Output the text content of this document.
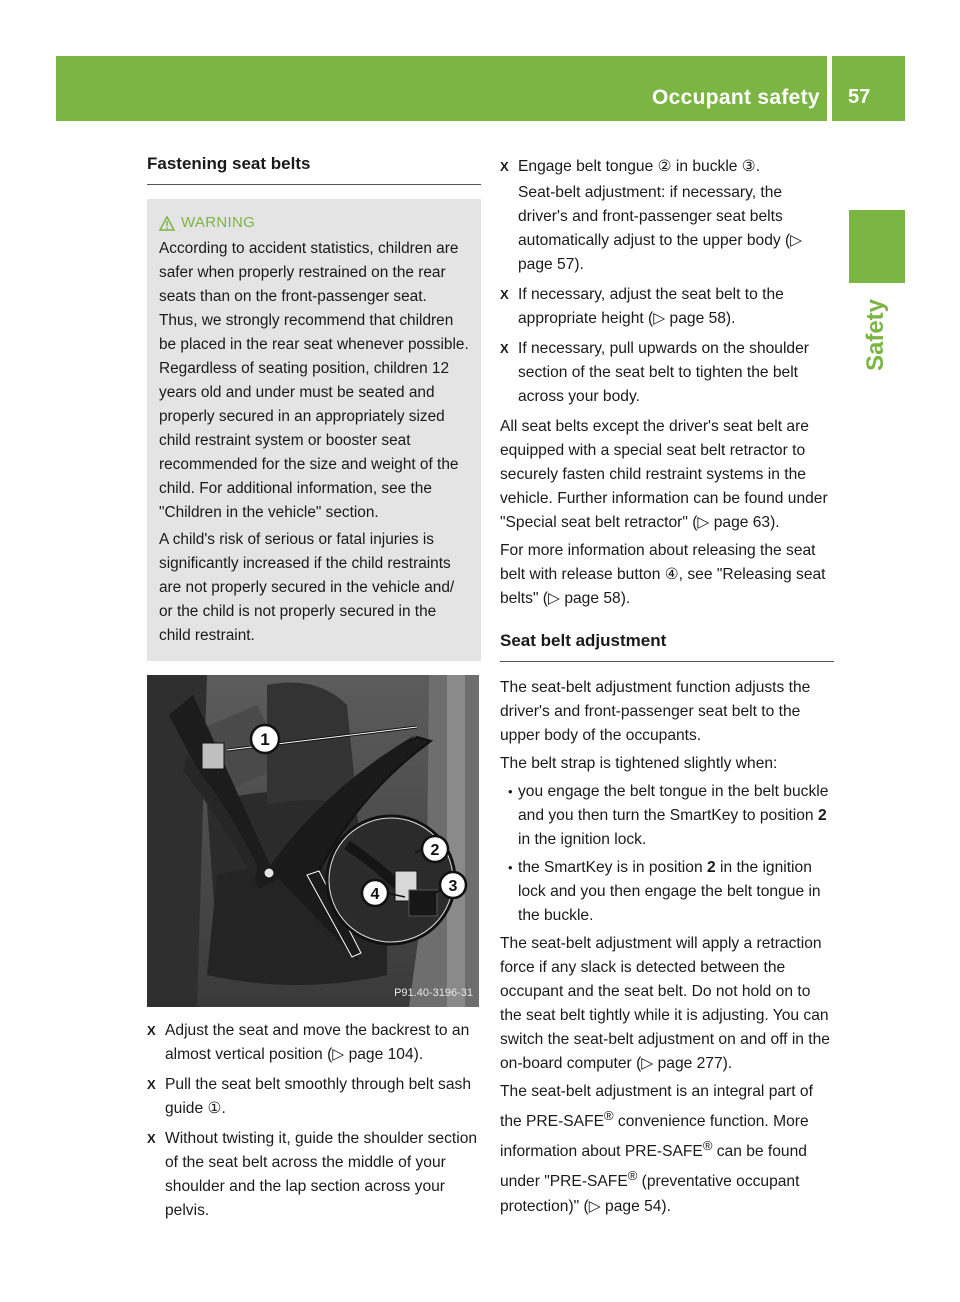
Occupant safety 57
Safety
Fastening seat belts
WARNING

According to accident statistics, children are safer when properly restrained on the rear seats than on the front-passenger seat. Thus, we strongly recommend that children be placed in the rear seat whenever possible. Regardless of seating position, children 12 years old and under must be seated and properly secured in an appropriately sized child restraint system or booster seat recommended for the size and weight of the child. For additional information, see the "Children in the vehicle" section.

A child's risk of serious or fatal injuries is significantly increased if the child restraints are not properly secured in the vehicle and/ or the child is not properly secured in the child restraint.

1
2
3
4
P91.40-3196-31
X Adjust the seat and move the backrest to an almost vertical position (▷ page 104).
X Pull the seat belt smoothly through belt sash guide ①.
X Without twisting it, guide the shoulder section of the seat belt across the middle of your shoulder and the lap section across your pelvis.
X Engage belt tongue ② in buckle ③.

Seat-belt adjustment: if necessary, the driver's and front-passenger seat belts automatically adjust to the upper body (▷ page 57).

X If necessary, adjust the seat belt to the appropriate height (▷ page 58).
X If necessary, pull upwards on the shoulder section of the seat belt to tighten the belt across your body.

All seat belts except the driver's seat belt are equipped with a special seat belt retractor to securely fasten child restraint systems in the vehicle. Further information can be found under "Special seat belt retractor" (▷ page 63).

For more information about releasing the seat belt with release button ④, see "Releasing seat belts" (▷ page 58).

Seat belt adjustment

The seat-belt adjustment function adjusts the driver's and front-passenger seat belt to the upper body of the occupants.

The belt strap is tightened slightly when:

• you engage the belt tongue in the belt buckle and you then turn the SmartKey to position 2 in the ignition lock.
• the SmartKey is in position 2 in the ignition lock and you then engage the belt tongue in the buckle.

The seat-belt adjustment will apply a retraction force if any slack is detected between the occupant and the seat belt. Do not hold on to the seat belt tightly while it is adjusting. You can switch the seat-belt adjustment on and off in the on-board computer (▷ page 277).

The seat-belt adjustment is an integral part of the PRE-SAFE® convenience function. More information about PRE-SAFE® can be found under "PRE-SAFE® (preventative occupant protection)" (▷ page 54).
